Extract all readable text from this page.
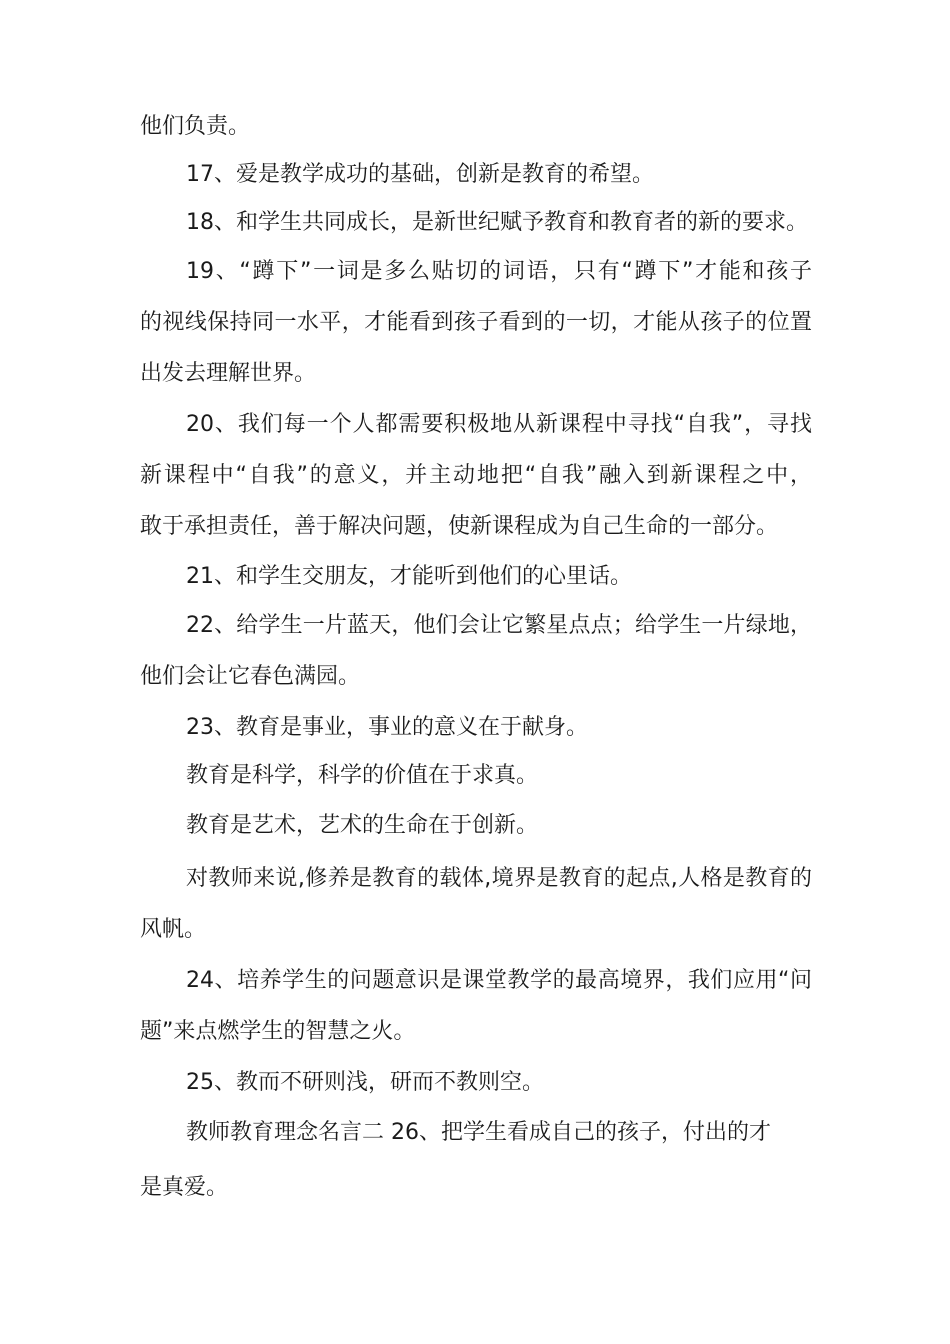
他们负责。

17、爱是教学成功的基础，创新是教育的希望。

18、和学生共同成长，是新世纪赋予教育和教育者的新的要求。

19、“蹲下”一词是多么贴切的词语，只有“蹲下”才能和孩子
的视线保持同一水平，才能看到孩子看到的一切，才能从孩子的位置
出发去理解世界。

20、我们每一个人都需要积极地从新课程中寻找“自我”，寻找
新课程中“自我”的意义，并主动地把“自我”融入到新课程之中，
敢于承担责任，善于解决问题，使新课程成为自己生命的一部分。

21、和学生交朋友，才能听到他们的心里话。

22、给学生一片蓝天，他们会让它繁星点点；给学生一片绿地，
他们会让它春色满园。

23、教育是事业，事业的意义在于献身。

教育是科学，科学的价值在于求真。

教育是艺术，艺术的生命在于创新。

对教师来说,修养是教育的载体,境界是教育的起点,人格是教育的
风帆。

24、培养学生的问题意识是课堂教学的最高境界，我们应用“问
题”来点燃学生的智慧之火。

25、教而不研则浅，研而不教则空。

教师教育理念名言二 26、把学生看成自己的孩子，付出的才
是真爱。
